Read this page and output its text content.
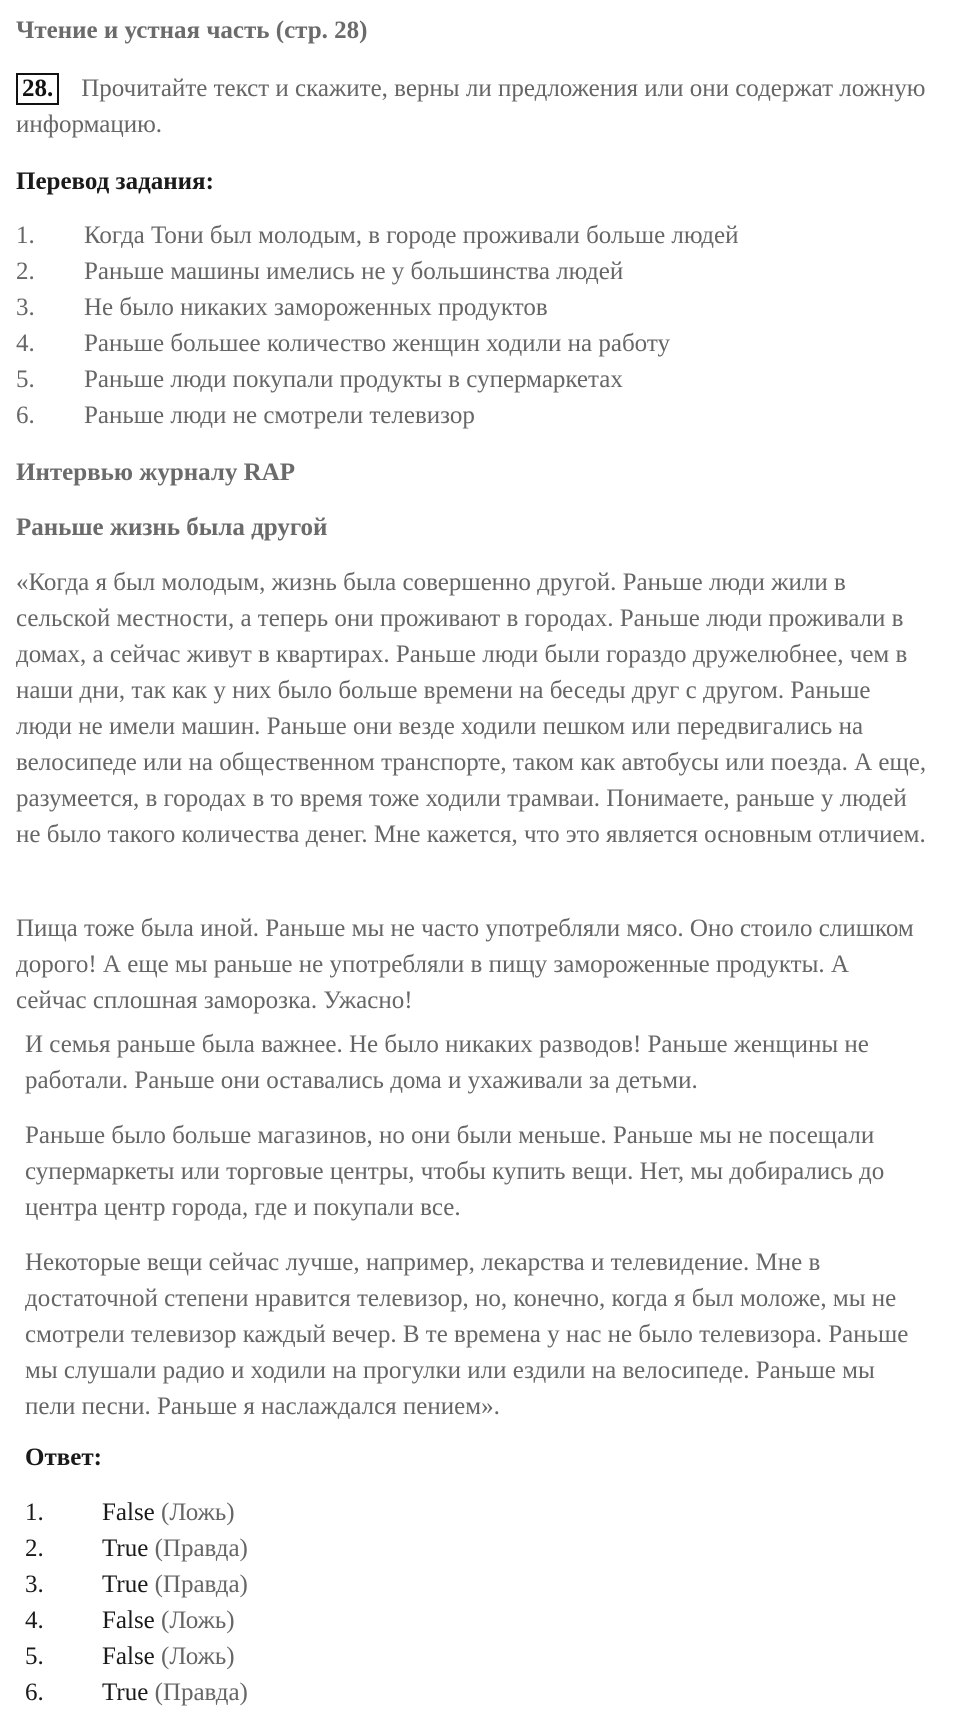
Чтение и устная часть (стр. 28)
28. Прочитайте текст и скажите, верны ли предложения или они содержат ложную информацию.
Перевод задания:
1.	Когда Тони был молодым, в городе проживали больше людей
2.	Раньше машины имелись не у большинства людей
3.	Не было никаких замороженных продуктов
4.	Раньше большее количество женщин ходили на работу
5.	Раньше люди покупали продукты в супермаркетах
6.	Раньше люди не смотрели телевизор
Интервью журналу RAP
Раньше жизнь была другой
«Когда я был молодым, жизнь была совершенно другой. Раньше люди жили в сельской местности, а теперь они проживают в городах. Раньше люди проживали в домах, а сейчас живут в квартирах. Раньше люди были гораздо дружелюбнее, чем в наши дни, так как у них было больше времени на беседы друг с другом. Раньше люди не имели машин. Раньше они везде ходили пешком или передвигались на велосипеде или на общественном транспорте, таком как автобусы или поезда. А еще, разумеется, в городах в то время тоже ходили трамваи. Понимаете, раньше у людей не было такого количества денег. Мне кажется, что это является основным отличием.
Пища тоже была иной. Раньше мы не часто употребляли мясо. Оно стоило слишком дорого! А еще мы раньше не употребляли в пищу замороженные продукты. А сейчас сплошная заморозка. Ужасно!
И семья раньше была важнее. Не было никаких разводов! Раньше женщины не работали. Раньше они оставались дома и ухаживали за детьми.
Раньше было больше магазинов, но они были меньше. Раньше мы не посещали супермаркеты или торговые центры, чтобы купить вещи. Нет, мы добирались до центра центр города, где и покупали все.
Некоторые вещи сейчас лучше, например, лекарства и телевидение. Мне в достаточной степени нравится телевизор, но, конечно, когда я был моложе, мы не смотрели телевизор каждый вечер. В те времена у нас не было телевизора. Раньше мы слушали радио и ходили на прогулки или ездили на велосипеде. Раньше мы пели песни. Раньше я наслаждался пением».
Ответ:
1.	False
(Ложь)
2.	True
(Правда)
3.	True
(Правда)
4.	False
(Ложь)
5.	False
(Ложь)
6.	True
(Правда)
